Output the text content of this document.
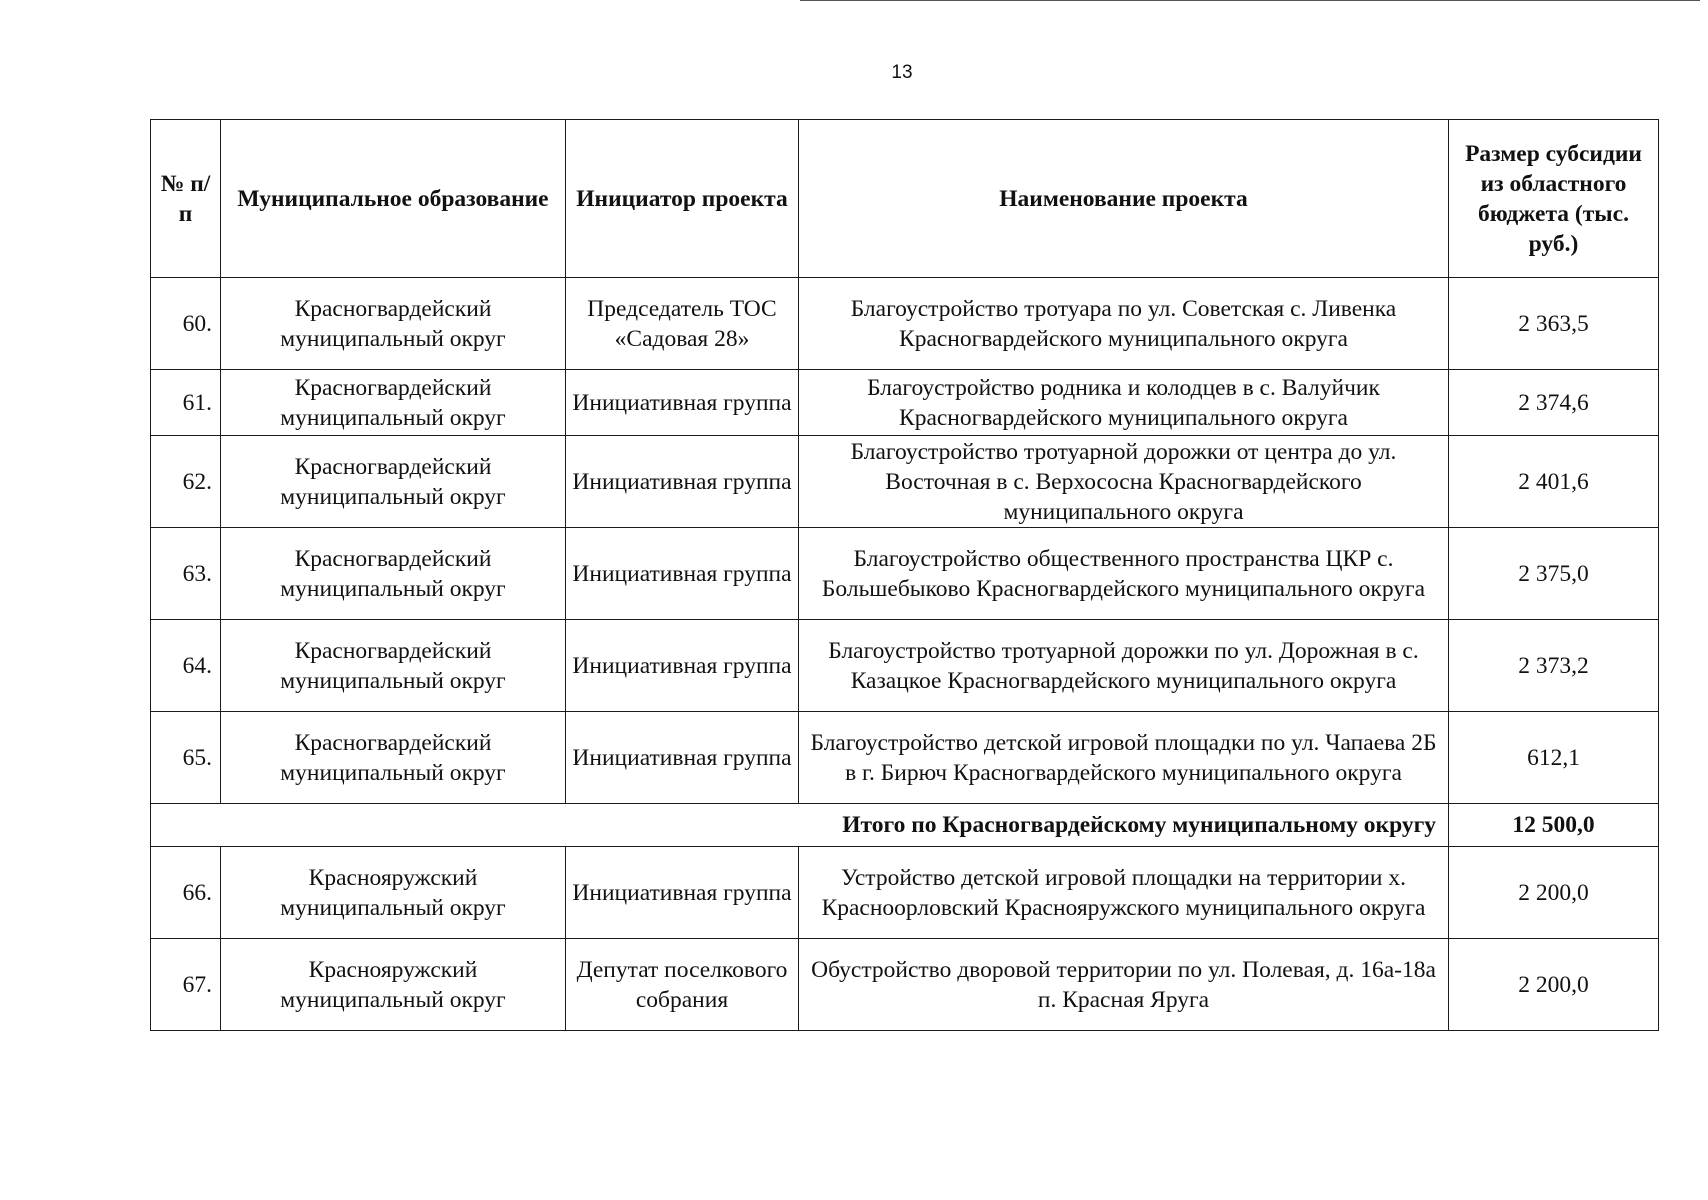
13
№ п/п	Муниципальное образование	Инициатор проекта	Наименование проекта	Размер субсидии из областного бюджета (тыс. руб.)
60.	Красногвардейский муниципальный округ	Председатель ТОС «Садовая 28»	Благоустройство тротуара по ул. Советская с. Ливенка Красногвардейского муниципального округа	2 363,5
61.	Красногвардейский муниципальный округ	Инициативная группа	Благоустройство родника и колодцев в с. Валуйчик Красногвардейского муниципального округа	2 374,6
62.	Красногвардейский муниципальный округ	Инициативная группа	Благоустройство тротуарной дорожки от центра до ул. Восточная в с. Верхососна Красногвардейского муниципального округа	2 401,6
63.	Красногвардейский муниципальный округ	Инициативная группа	Благоустройство общественного пространства ЦКР с. Большебыково Красногвардейского муниципального округа	2 375,0
64.	Красногвардейский муниципальный округ	Инициативная группа	Благоустройство тротуарной дорожки по ул. Дорожная в с. Казацкое Красногвардейского муниципального округа	2 373,2
65.	Красногвардейский муниципальный округ	Инициативная группа	Благоустройство детской игровой площадки по ул. Чапаева 2Б в г. Бирюч Красногвардейского муниципального округа	612,1
Итого по Красногвардейскому муниципальному округу				12 500,0
66.	Краснояружский муниципальный округ	Инициативная группа	Устройство детской игровой площадки на территории х. Красноорловский Краснояружского муниципального округа	2 200,0
67.	Краснояружский муниципальный округ	Депутат поселкового собрания	Обустройство дворовой территории по ул. Полевая, д. 16а-18а п. Красная Яруга	2 200,0
